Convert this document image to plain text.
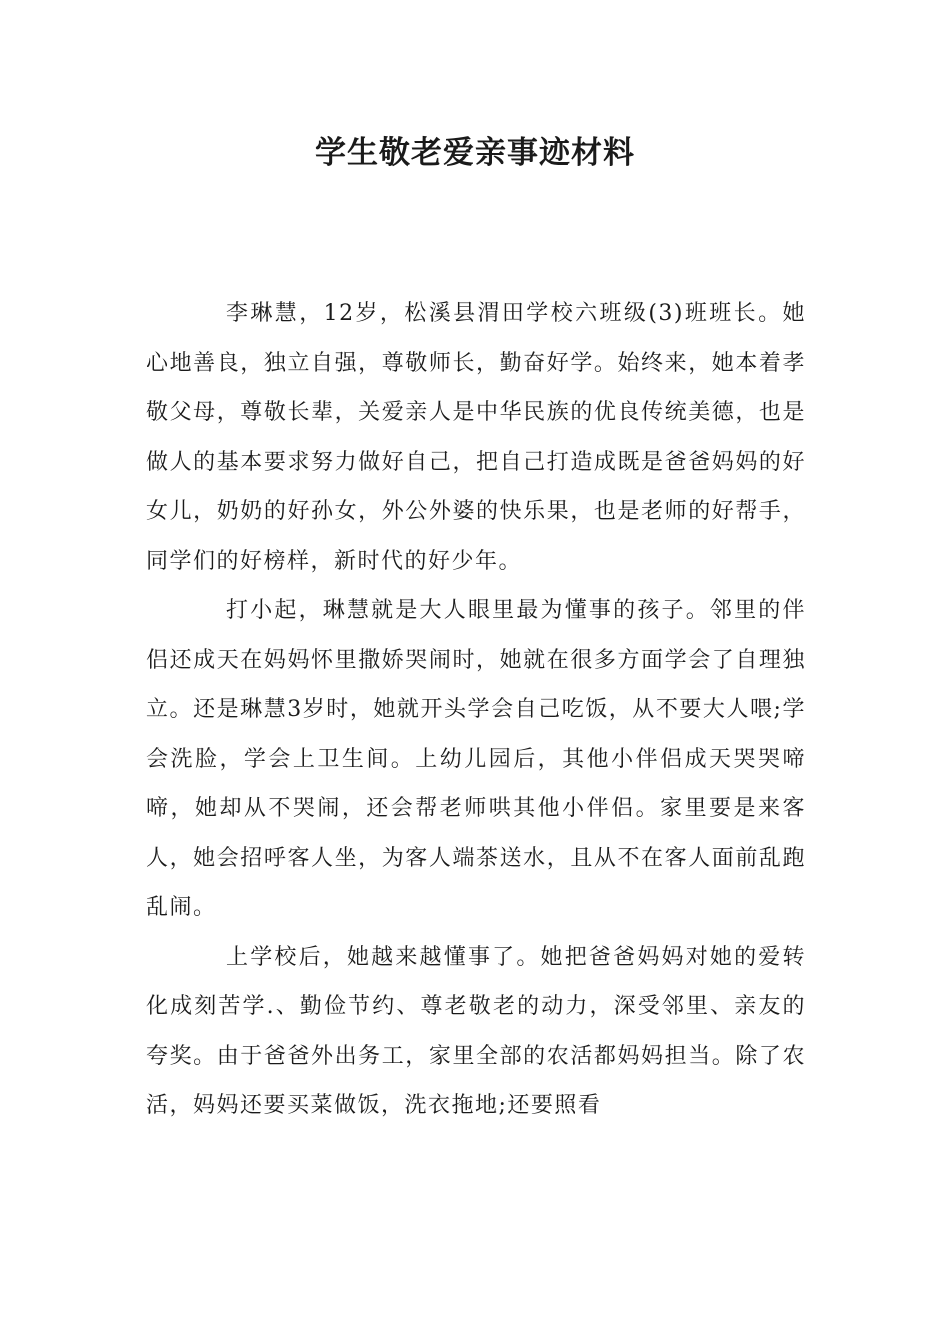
学生敬老爱亲事迹材料

李琳慧，12岁，松溪县渭田学校六班级(3)班班长。她心地善良，独立自强，尊敬师长，勤奋好学。始终来，她本着孝敬父母，尊敬长辈，关爱亲人是中华民族的优良传统美德，也是做人的基本要求努力做好自己，把自己打造成既是爸爸妈妈的好女儿，奶奶的好孙女，外公外婆的快乐果，也是老师的好帮手，同学们的好榜样，新时代的好少年。

打小起，琳慧就是大人眼里最为懂事的孩子。邻里的伴侣还成天在妈妈怀里撒娇哭闹时，她就在很多方面学会了自理独立。还是琳慧3岁时，她就开头学会自己吃饭，从不要大人喂;学会洗脸，学会上卫生间。上幼儿园后，其他小伴侣成天哭哭啼啼，她却从不哭闹，还会帮老师哄其他小伴侣。家里要是来客人，她会招呼客人坐，为客人端茶送水，且从不在客人面前乱跑乱闹。

上学校后，她越来越懂事了。她把爸爸妈妈对她的爱转化成刻苦学.、勤俭节约、尊老敬老的动力，深受邻里、亲友的夸奖。由于爸爸外出务工，家里全部的农活都妈妈担当。除了农活，妈妈还要买菜做饭，洗衣拖地;还要照看
